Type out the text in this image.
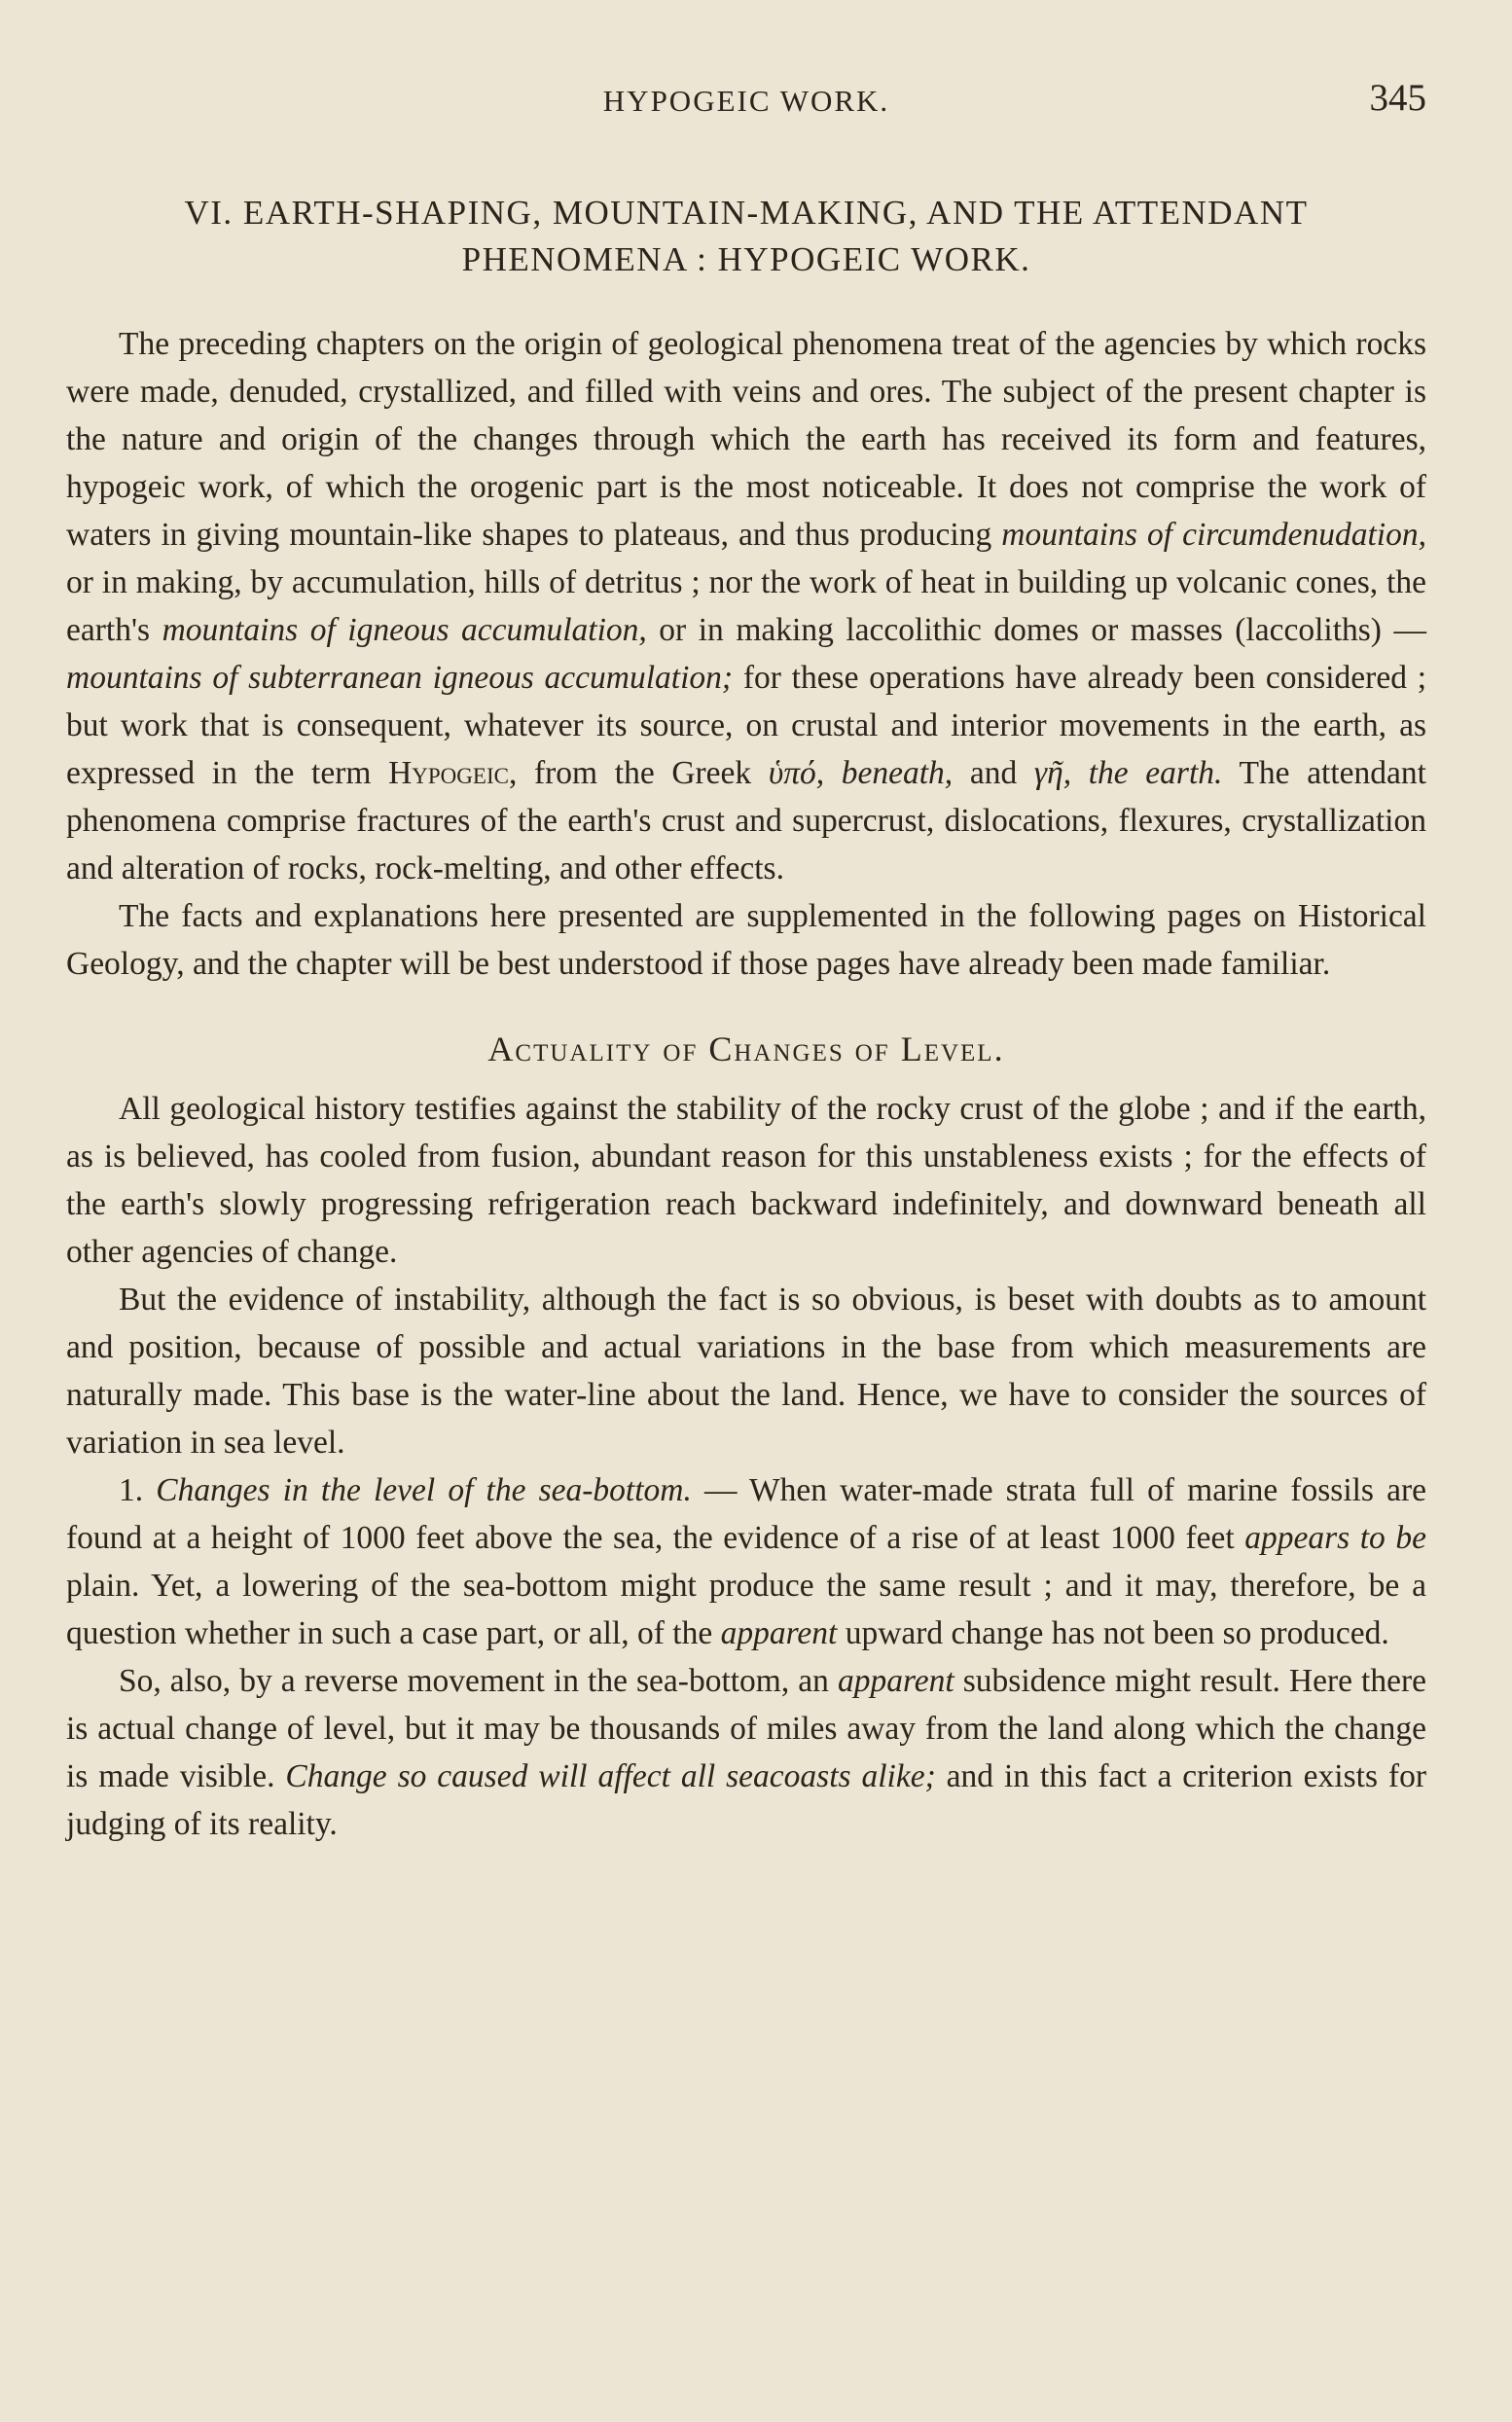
HYPOGEIC WORK.	345
VI. EARTH-SHAPING, MOUNTAIN-MAKING, AND THE ATTENDANT
PHENOMENA : HYPOGEIC WORK.

The preceding chapters on the origin of geological phenomena treat of the agencies by which rocks were made, denuded, crystallized, and filled with veins and ores. The subject of the present chapter is the nature and origin of the changes through which the earth has received its form and features, hypogeic work, of which the orogenic part is the most noticeable. It does not comprise the work of waters in giving mountain-like shapes to plateaus, and thus producing mountains of circumdenudation, or in making, by accumulation, hills of detritus ; nor the work of heat in building up volcanic cones, the earth's mountains of igneous accumulation, or in making laccolithic domes or masses (laccoliths) — mountains of subterranean igneous accumulation; for these operations have already been considered ; but work that is consequent, whatever its source, on crustal and interior movements in the earth, as expressed in the term Hypogeic, from the Greek ὑπό, beneath, and γῆ, the earth. The attendant phenomena comprise fractures of the earth's crust and supercrust, dislocations, flexures, crystallization and alteration of rocks, rock-melting, and other effects.

The facts and explanations here presented are supplemented in the following pages on Historical Geology, and the chapter will be best understood if those pages have already been made familiar.

Actuality of Changes of Level.

All geological history testifies against the stability of the rocky crust of the globe ; and if the earth, as is believed, has cooled from fusion, abundant reason for this unstableness exists ; for the effects of the earth's slowly progressing refrigeration reach backward indefinitely, and downward beneath all other agencies of change.

But the evidence of instability, although the fact is so obvious, is beset with doubts as to amount and position, because of possible and actual variations in the base from which measurements are naturally made. This base is the water-line about the land. Hence, we have to consider the sources of variation in sea level.

1. Changes in the level of the sea-bottom. — When water-made strata full of marine fossils are found at a height of 1000 feet above the sea, the evidence of a rise of at least 1000 feet appears to be plain. Yet, a lowering of the sea-bottom might produce the same result ; and it may, therefore, be a question whether in such a case part, or all, of the apparent upward change has not been so produced.

So, also, by a reverse movement in the sea-bottom, an apparent subsidence might result. Here there is actual change of level, but it may be thousands of miles away from the land along which the change is made visible. Change so caused will affect all seacoasts alike; and in this fact a criterion exists for judging of its reality.
